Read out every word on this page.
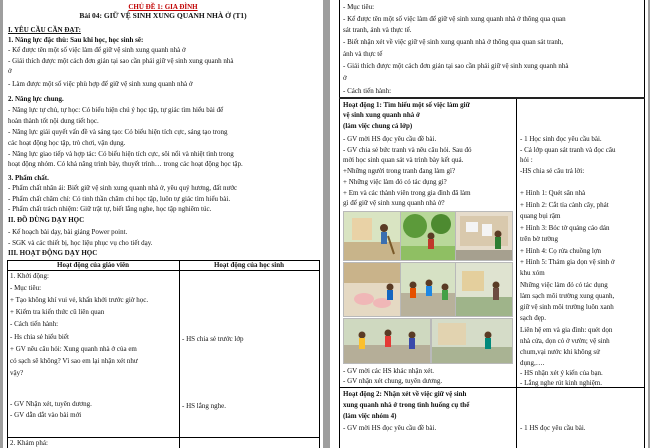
CHỦ ĐỀ 1: GIA ĐÌNH
Bài 04: GIỮ VỆ SINH XUNG QUANH NHÀ Ở (T1)
I. YÊU CẦU CẦN ĐẠT:
1. Năng lực đặc thù: Sau khi học, học sinh sẽ:
- Kể được tên một số việc làm để giữ vệ sinh xung quanh nhà ở
- Giải thích được một cách đơn giản tại sao cần phải giữ vệ sinh xung quanh nhà
ở
- Làm được một số việc phù hợp để giữ vệ sinh xung quanh nhà ở
2. Năng lực chung.
- Năng lực tự chủ, tự học: Có biểu hiện chú ý học tập, tự giác tìm hiểu bài để
hoàn thành tốt nội dung tiết học.
- Năng lực giải quyết vấn đề và sáng tạo: Có biểu hiện tích cực, sáng tạo trong
các hoạt động học tập, trò chơi, vận dụng.
- Năng lực giao tiếp và hợp tác: Có biểu hiện tích cực, sôi nổi và nhiệt tình trong
hoạt động nhóm. Có khả năng trình bày, thuyết trình… trong các hoạt động học tập.
3. Phẩm chất.
- Phẩm chất nhân ái: Biết giữ vệ sinh xung quanh nhà ở, yêu quý hương, đất nước
- Phẩm chất chăm chỉ: Có tinh thần chăm chỉ học tập, luôn tự giác tìm hiểu bài.
- Phẩm chất trách nhiệm: Giữ trật tự, biết lắng nghe, học tập nghiêm túc.
II. ĐỒ DÙNG DẠY HỌC
- Kế hoạch bài dạy, bài giảng Power point.
- SGK và các thiết bị, học liệu phục vụ cho tiết dạy.
III. HOẠT ĐỘNG DẠY HỌC
Hoạt động của giáo viên	Hoạt động của học sinh
1. Khởi động:
- Mục tiêu:
+ Tạo không khí vui vẻ, khấn khởi trước giờ học.
+ Kiểm tra kiến thức cũ liên quan
- Cách tiến hành:
- Hs chia sẻ hiểu biết
+ GV nêu câu hỏi: Xung quanh nhà ở của em
có sạch sẽ không? Vì sao em lại nhận xét như
vậy?
- GV Nhận xét, tuyên dương.
- GV dẫn dắt vào bài mới
2. Khám phá:
- HS chia sẻ trước lớp
- HS lắng nghe.
- Mục tiêu:
- Kể được tên một số việc làm để giữ vệ sinh xung quanh nhà ở thông qua quan
sát tranh, ảnh và thực tế.
- Biết nhận xét về việc giữ vệ sinh xung quanh nhà ở thông qua quan sát tranh,
ảnh và thực tế
- Giải thích được một cách đơn giản tại sao cần phải giữ vệ sinh xung quanh nhà
ở
- Cách tiến hành:
Hoạt động 1: Tìm hiểu một số việc làm giữ
vệ sinh xung quanh nhà ở
(làm việc chung cả lớp)
- GV mời HS đọc yêu cầu đề bài.
- GV chia sẻ bức tranh và nêu câu hỏi. Sau đó
mời học sinh quan sát và trình bày kết quả.
+Những người trong tranh đang làm gì?
+ Những việc làm đó có tác dụng gì?
+ Em và các thành viên trong gia đình đã làm
gì để giữ vệ sinh xung quanh nhà ở?
- GV mời các HS khác nhận xét.
- GV nhận xét chung, tuyên dương.
Hoạt động 2: Nhận xét về việc giữ vệ sinh
xung quanh nhà ở trong tình huống cụ thể
(làm việc nhóm 4)
- GV mời HS đọc yêu cầu đề bài.
- 1 Học sinh đọc yêu cầu bài.
- Cả lớp quan sát tranh và đọc câu
hỏi :
-HS chia sẻ câu trả lời:
+ Hình 1: Quét sân nhà
+ Hình 2: Cắt tỉa cành cây, phát
quang bụi rậm
+ Hình 3: Bóc tờ quảng cáo dán
trên bờ tường
+ Hình 4: Cọ rửa chuồng lợn
+ Hình 5: Thám gia dọn vệ sinh ở
khu xóm
Những việc làm đó có tác dụng
làm sạch môi trường xung quanh,
giữ vệ sinh môi trường luôn xanh
sạch đẹp.
Liên hệ em và gia đình: quét dọn
nhà cửa, dọn cỏ ở vườn; vệ sinh
chum,vại nước khi không sử
dụng,….
- HS nhận xét ý kiến của bạn.
- Lắng nghe rút kinh nghiệm.
- 1 HS đọc yêu cầu bài.
